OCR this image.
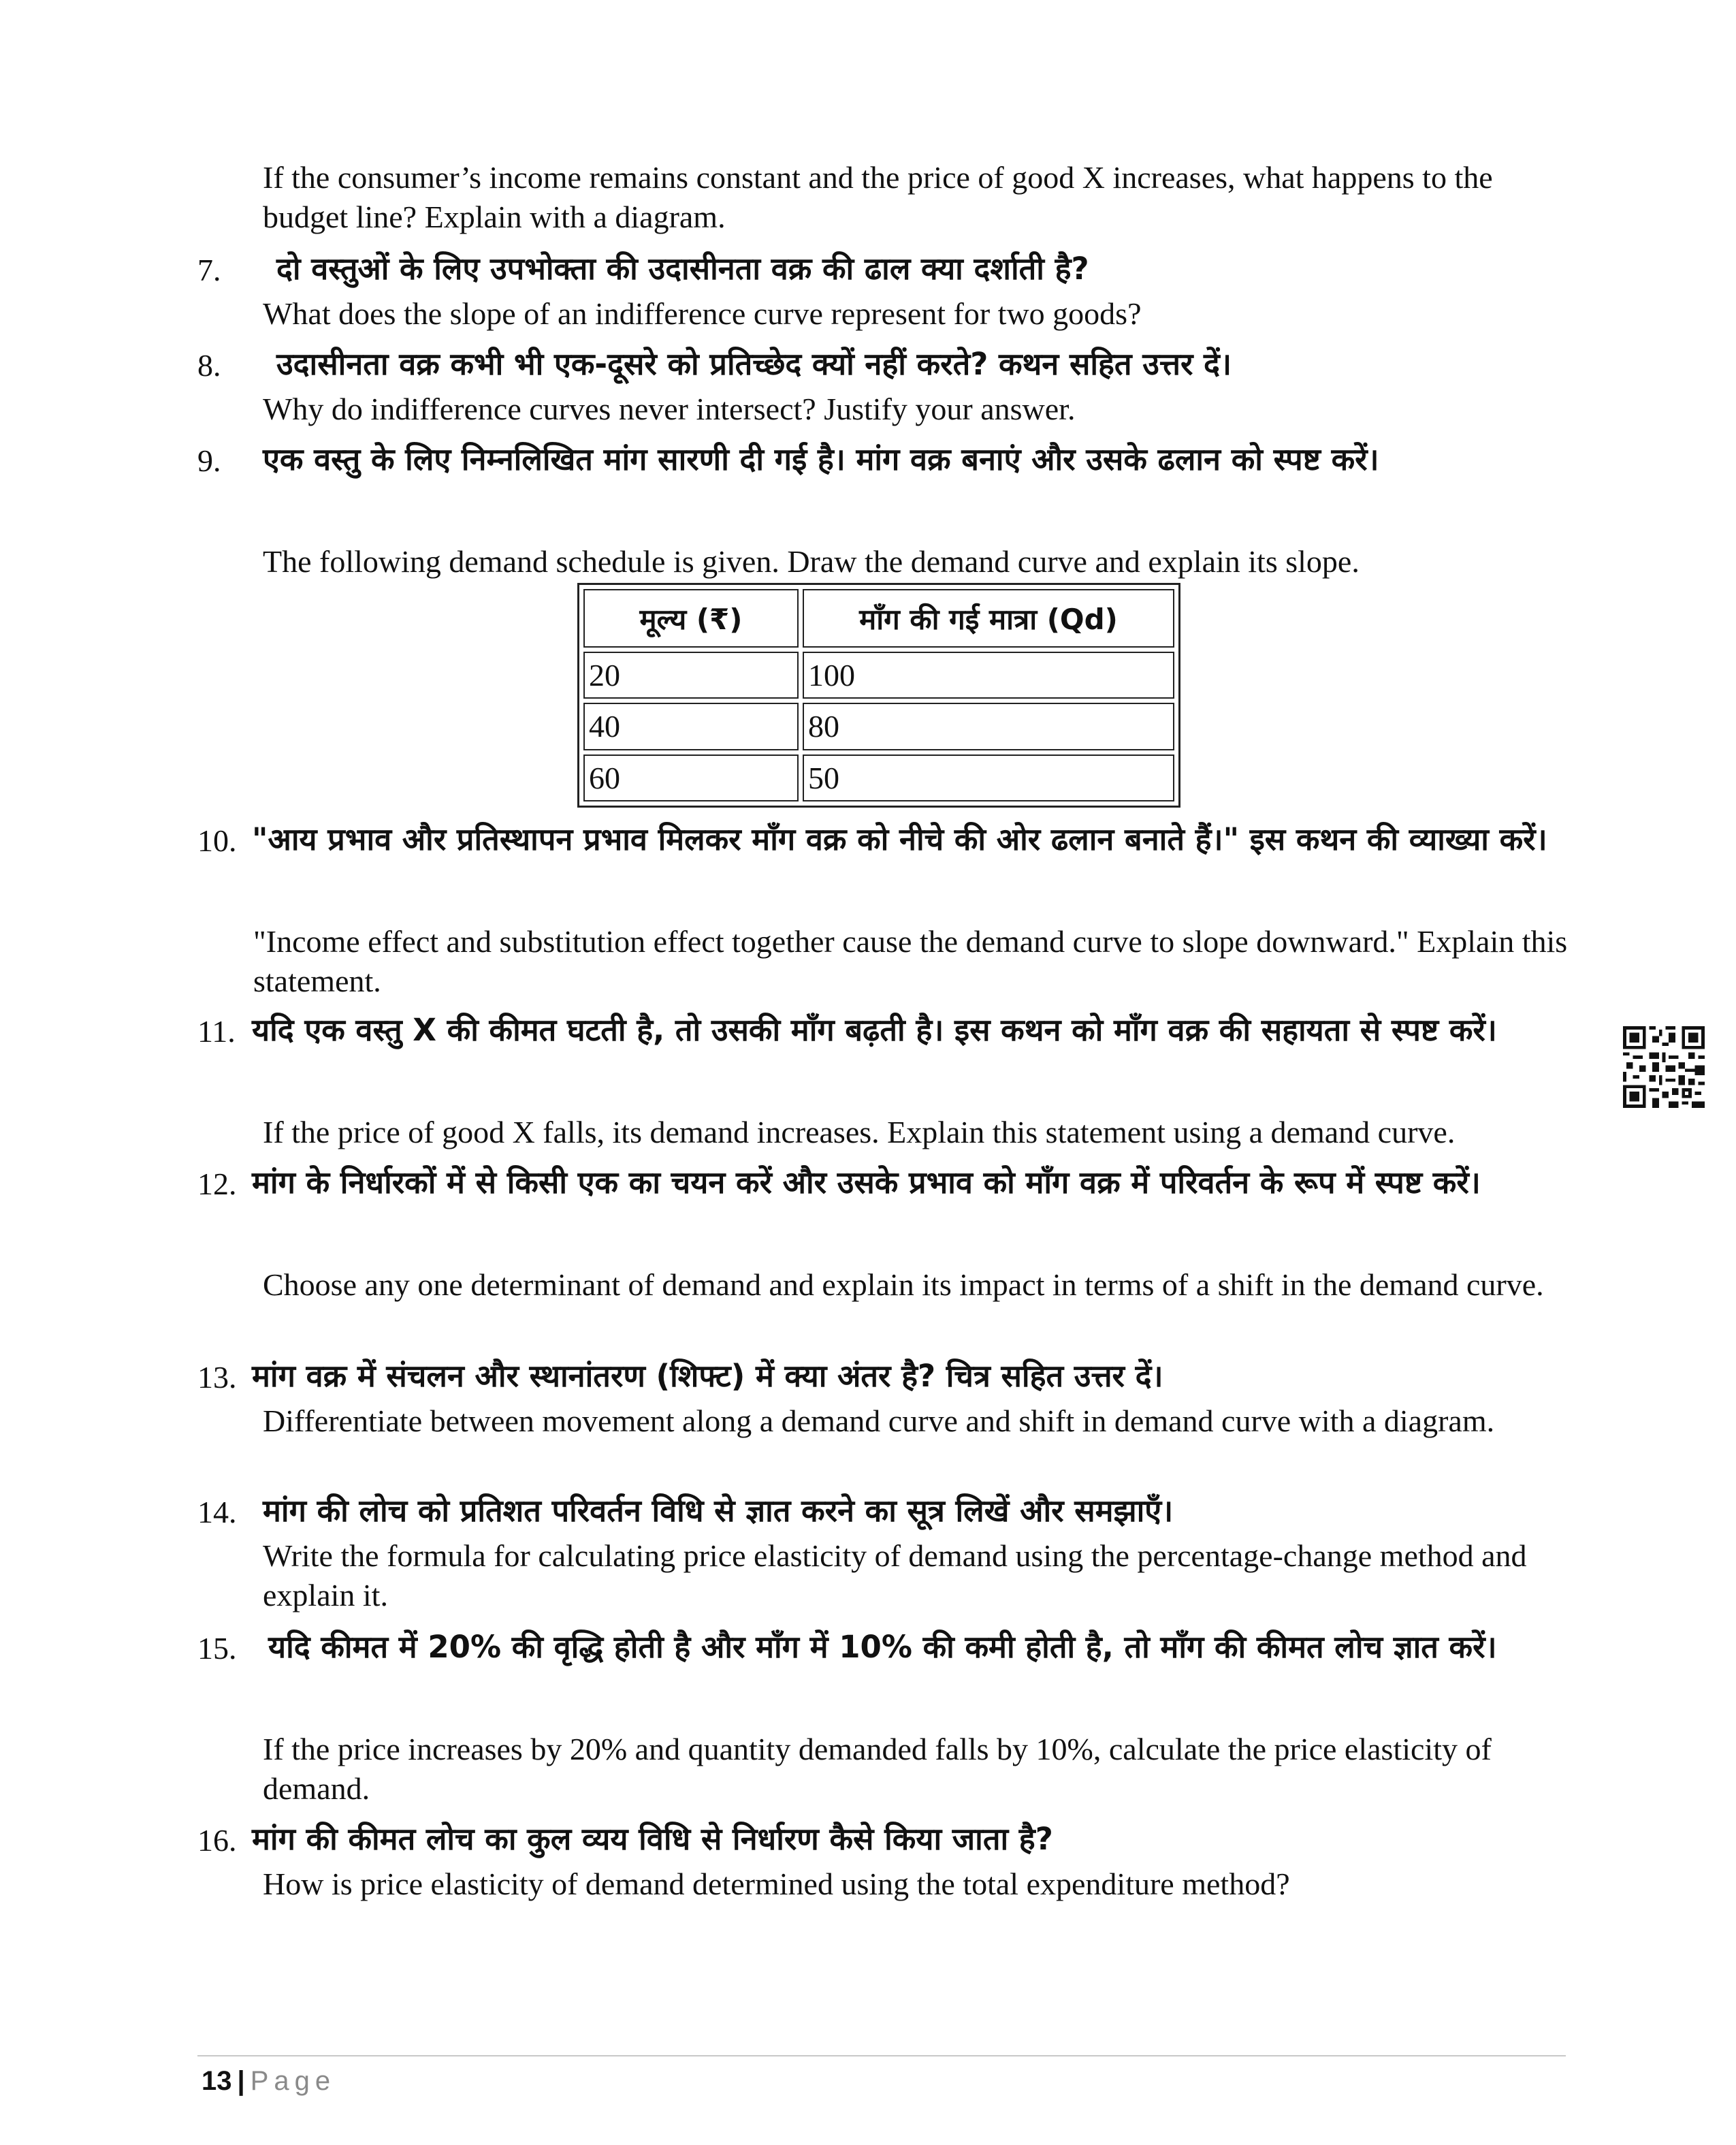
If the consumer’s income remains constant and the price of good X increases, what happens to the budget line? Explain with a diagram.
7. दो वस्तुओं के लिए उपभोक्ता की उदासीनता वक्र की ढाल क्या दर्शाती है?
What does the slope of an indifference curve represent for two goods?
8. उदासीनता वक्र कभी भी एक-दूसरे को प्रतिच्छेद क्यों नहीं करते? कथन सहित उत्तर दें।
Why do indifference curves never intersect? Justify your answer.
9. एक वस्तु के लिए निम्नलिखित मांग सारणी दी गई है। मांग वक्र बनाएं और उसके ढलान को स्पष्ट करें।
The following demand schedule is given. Draw the demand curve and explain its slope.
मूल्य (₹)	माँग की गई मात्रा (Qd)
20	100
40	80
60	50
10. "आय प्रभाव और प्रतिस्थापन प्रभाव मिलकर माँग वक्र को नीचे की ओर ढलान बनाते हैं।" इस कथन की व्याख्या करें।
"Income effect and substitution effect together cause the demand curve to slope downward." Explain this statement.
11. यदि एक वस्तु X की कीमत घटती है, तो उसकी माँग बढ़ती है। इस कथन को माँग वक्र की सहायता से स्पष्ट करें।
If the price of good X falls, its demand increases. Explain this statement using a demand curve.
12. मांग के निर्धारकों में से किसी एक का चयन करें और उसके प्रभाव को माँग वक्र में परिवर्तन के रूप में स्पष्ट करें।
Choose any one determinant of demand and explain its impact in terms of a shift in the demand curve.
13. मांग वक्र में संचलन और स्थानांतरण (शिफ्ट) में क्या अंतर है? चित्र सहित उत्तर दें।
Differentiate between movement along a demand curve and shift in demand curve with a diagram.
14. मांग की लोच को प्रतिशत परिवर्तन विधि से ज्ञात करने का सूत्र लिखें और समझाएँ।
Write the formula for calculating price elasticity of demand using the percentage-change method and explain it.
15. यदि कीमत में 20% की वृद्धि होती है और माँग में 10% की कमी होती है, तो माँग की कीमत लोच ज्ञात करें।
If the price increases by 20% and quantity demanded falls by 10%, calculate the price elasticity of demand.
16. मांग की कीमत लोच का कुल व्यय विधि से निर्धारण कैसे किया जाता है?
How is price elasticity of demand determined using the total expenditure method?
13 | Page
